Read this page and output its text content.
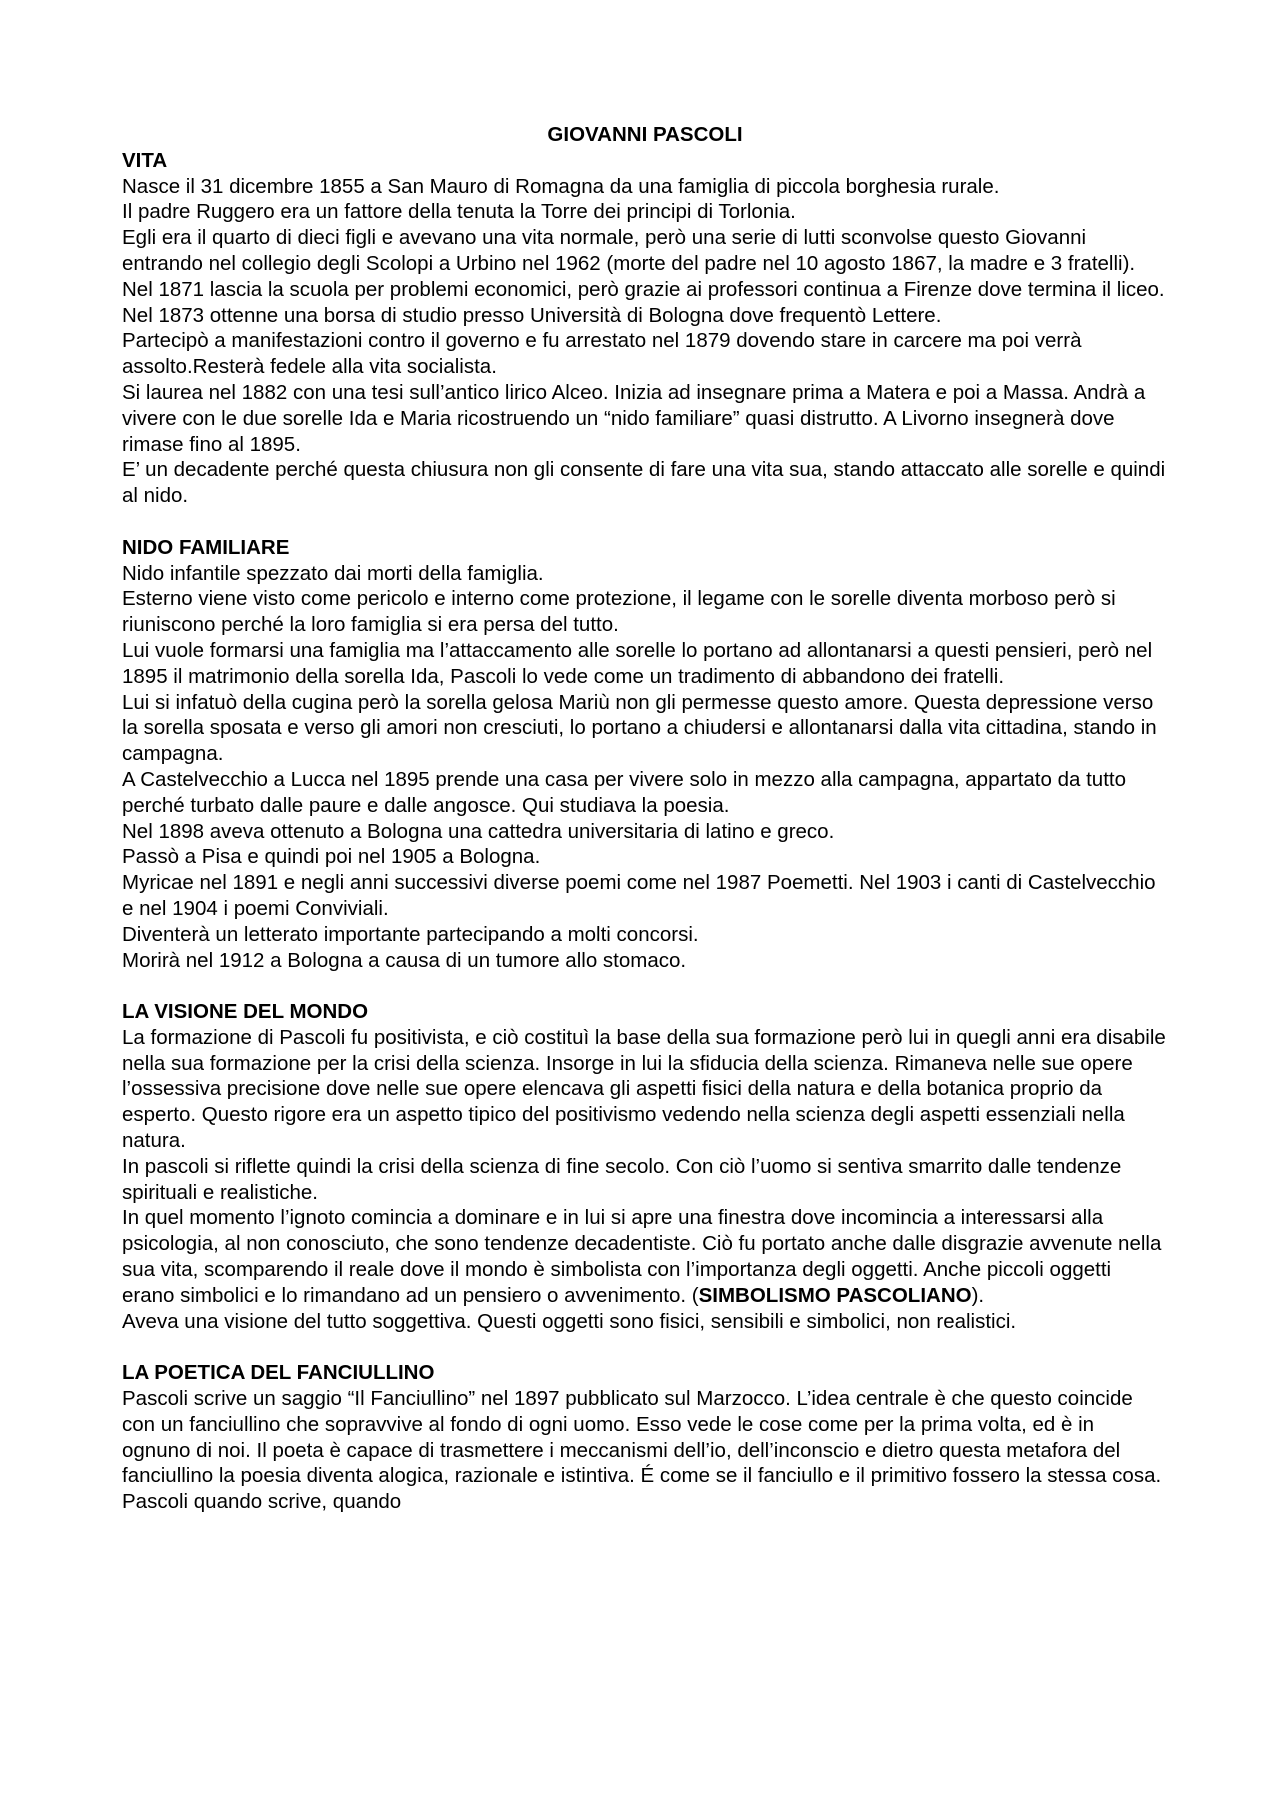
GIOVANNI PASCOLI
VITA

Nasce il 31 dicembre 1855 a San Mauro di Romagna da una famiglia di piccola borghesia rurale.

Il padre Ruggero era un fattore della tenuta la Torre dei principi di Torlonia.

Egli era il quarto di dieci figli e avevano una vita normale, però una serie di lutti sconvolse questo Giovanni entrando nel collegio degli Scolopi a Urbino nel 1962 (morte del padre nel 10 agosto 1867, la madre e 3 fratelli).

Nel 1871 lascia la scuola per problemi economici, però grazie ai professori continua a Firenze dove termina il liceo.

Nel 1873 ottenne una borsa di studio presso Università di Bologna dove frequentò Lettere.

Partecipò a manifestazioni contro il governo e fu arrestato nel 1879 dovendo stare in carcere ma poi verrà assolto.Resterà fedele alla vita socialista.

Si laurea nel 1882 con una tesi sull’antico lirico Alceo. Inizia ad insegnare prima a Matera e poi a Massa. Andrà a vivere con le due sorelle Ida e Maria ricostruendo un “nido familiare” quasi distrutto. A Livorno insegnerà dove rimase fino al 1895.

E’ un decadente perché questa chiusura non gli consente di fare una vita sua, stando attaccato alle sorelle e quindi al nido.

NIDO FAMILIARE

Nido infantile spezzato dai morti della famiglia.

Esterno viene visto come pericolo e interno come protezione, il legame con le sorelle diventa morboso però si riuniscono perché la loro famiglia si era persa del tutto.

Lui vuole formarsi una famiglia ma l’attaccamento alle sorelle lo portano ad allontanarsi a questi pensieri, però nel 1895 il matrimonio della sorella Ida, Pascoli lo vede come un tradimento di abbandono dei fratelli.

Lui si infatuò della cugina però la sorella gelosa Mariù non gli permesse questo amore. Questa depressione verso la sorella sposata e verso gli amori non cresciuti, lo portano a chiudersi e allontanarsi dalla vita cittadina, stando in campagna.

A Castelvecchio a Lucca nel 1895 prende una casa per vivere solo in mezzo alla campagna, appartato da tutto perché turbato dalle paure e dalle angosce. Qui studiava la poesia.

Nel 1898 aveva ottenuto a Bologna una cattedra universitaria di latino e greco.

Passò a Pisa e quindi poi nel 1905 a Bologna.

Myricae nel 1891 e negli anni successivi diverse poemi come nel 1987 Poemetti. Nel 1903 i canti di Castelvecchio e nel 1904 i poemi Conviviali.

Diventerà un letterato importante partecipando a molti concorsi.

Morirà nel 1912 a Bologna a causa di un tumore allo stomaco.

LA VISIONE DEL MONDO

La formazione di Pascoli fu positivista, e ciò costituì la base della sua formazione però lui in quegli anni era disabile nella sua formazione per la crisi della scienza. Insorge in lui la sfiducia della scienza. Rimaneva nelle sue opere l’ossessiva precisione dove nelle sue opere elencava gli aspetti fisici della natura e della botanica proprio da esperto. Questo rigore era un aspetto tipico del positivismo vedendo nella scienza degli aspetti essenziali nella natura.

In pascoli si riflette quindi la crisi della scienza di fine secolo. Con ciò l’uomo si sentiva smarrito dalle tendenze spirituali e realistiche.

In quel momento l’ignoto comincia a dominare e in lui si apre una finestra dove incomincia a interessarsi alla psicologia, al non conosciuto, che sono tendenze decadentiste. Ciò fu portato anche dalle disgrazie avvenute nella sua vita, scomparendo il reale dove il mondo è simbolista con l’importanza degli oggetti. Anche piccoli oggetti erano simbolici e lo rimandano ad un pensiero o avvenimento. (SIMBOLISMO PASCOLIANO).

Aveva una visione del tutto soggettiva. Questi oggetti sono fisici, sensibili e simbolici, non realistici.

LA POETICA DEL FANCIULLINO

Pascoli scrive un saggio “Il Fanciullino” nel 1897 pubblicato sul Marzocco. L’idea centrale è che questo coincide con un fanciullino che sopravvive al fondo di ogni uomo. Esso vede le cose come per la prima volta, ed è in ognuno di noi. Il poeta è capace di trasmettere i meccanismi dell’io, dell’inconscio e dietro questa metafora del fanciullino la poesia diventa alogica, razionale e istintiva. É come se il fanciullo e il primitivo fossero la stessa cosa. Pascoli quando scrive, quando
